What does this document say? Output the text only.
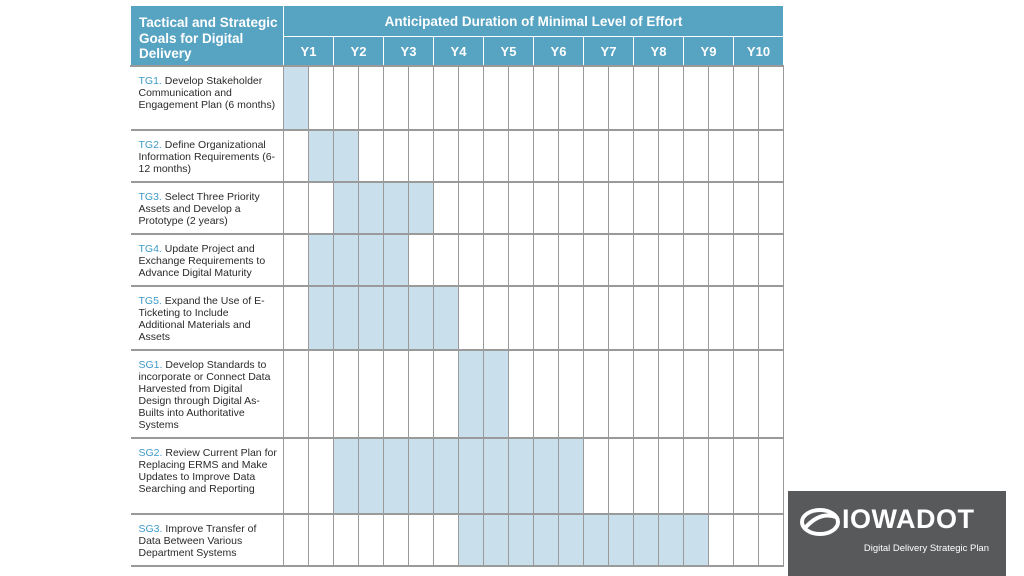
Tactical and Strategic Goals for Digital Delivery	Anticipated Duration of Minimal Level of Effort																			
	Y1		Y2		Y3		Y4		Y5		Y6		Y7		Y8		Y9		Y10	
TG1. Develop Stakeholder Communication and Engagement Plan (6 months)																				
TG2. Define Organizational Information Requirements (6-12 months)																				
TG3. Select Three Priority Assets and Develop a Prototype (2 years)																				
TG4. Update Project and Exchange Requirements to Advance Digital Maturity																				
TG5. Expand the Use of E-Ticketing to Include Additional Materials and Assets																				
SG1. Develop Standards to incorporate or Connect Data Harvested from Digital Design through Digital As-Builts into Authoritative Systems																				
SG2. Review Current Plan for Replacing ERMS and Make Updates to Improve Data Searching and Reporting																				
SG3. Improve Transfer of Data Between Various Department Systems																				
IOWADOT
Digital Delivery Strategic Plan
